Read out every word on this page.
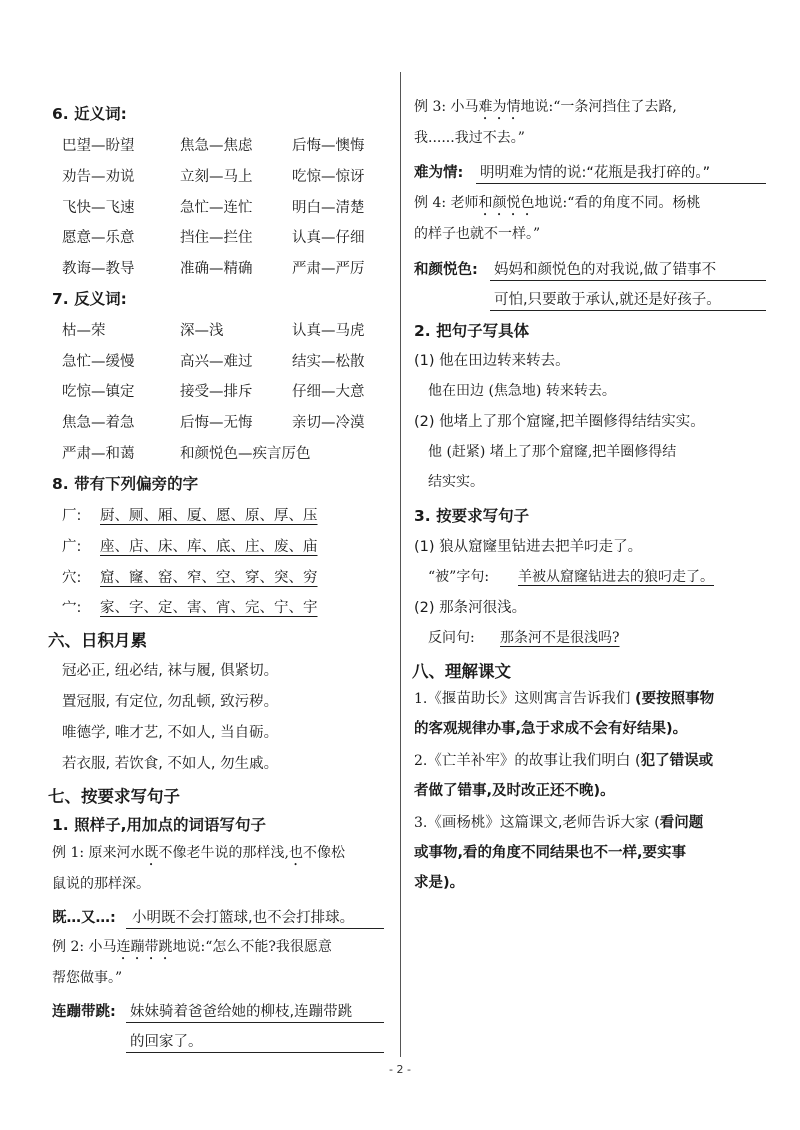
6. 近义词:
巴望—盼望	焦急—焦虑	后悔—懊悔
劝告—劝说	立刻—马上	吃惊—惊讶
飞快—飞速	急忙—连忙	明白—清楚
愿意—乐意	挡住—拦住	认真—仔细
教诲—教导	准确—精确	严肃—严厉
7. 反义词:
枯—荣	深—浅	认真—马虎
急忙—缓慢	高兴—难过	结实—松散
吃惊—镇定	接受—排斥	仔细—大意
焦急—着急	后悔—无悔	亲切—冷漠
严肃—和蔼	和颜悦色—疾言厉色
8. 带有下列偏旁的字
厂: 厨、厕、厢、厦、愿、原、厚、压
广: 座、店、床、库、底、庄、废、庙
穴: 窟、窿、窑、窄、空、穿、突、穷
宀: 家、字、定、害、宵、完、宁、宇
六、日积月累
冠必正, 纽必结, 袜与履, 俱紧切。
置冠服, 有定位, 勿乱顿, 致污秽。
唯德学, 唯才艺, 不如人, 当自砺。
若衣服, 若饮食, 不如人, 勿生戚。
七、按要求写句子
1. 照样子,用加点的词语写句子
例 1: 原来河水既不像老牛说的那样浅,也不像松
鼠说的那样深。
既…又…: 小明既不会打篮球,也不会打排球。
例 2: 小马连蹦带跳地说:“怎么不能?我很愿意
帮您做事。”
连蹦带跳: 妹妹骑着爸爸给她的柳枝,连蹦带跳
的回家了。
例 3: 小马难为情地说:“一条河挡住了去路,
我......我过不去。”
难为情: 明明难为情的说:“花瓶是我打碎的。”
例 4: 老师和颜悦色地说:“看的角度不同。杨桃
的样子也就不一样。”
和颜悦色: 妈妈和颜悦色的对我说,做了错事不
可怕,只要敢于承认,就还是好孩子。
2. 把句子写具体
(1) 他在田边转来转去。
他在田边 (焦急地) 转来转去。
(2) 他堵上了那个窟窿,把羊圈修得结结实实。
他 (赶紧) 堵上了那个窟窿,把羊圈修得结
结实实。
3. 按要求写句子
(1) 狼从窟窿里钻进去把羊叼走了。
“被”字句: 羊被从窟窿钻进去的狼叼走了。
(2) 那条河很浅。
反问句: 那条河不是很浅吗?
八、理解课文
1.《揠苗助长》这则寓言告诉我们 (要按照事物
的客观规律办事,急于求成不会有好结果)。
2.《亡羊补牢》的故事让我们明白 (犯了错误或
者做了错事,及时改正还不晚)。
3.《画杨桃》这篇课文,老师告诉大家 (看问题
或事物,看的角度不同结果也不一样,要实事
求是)。
- 2 -
